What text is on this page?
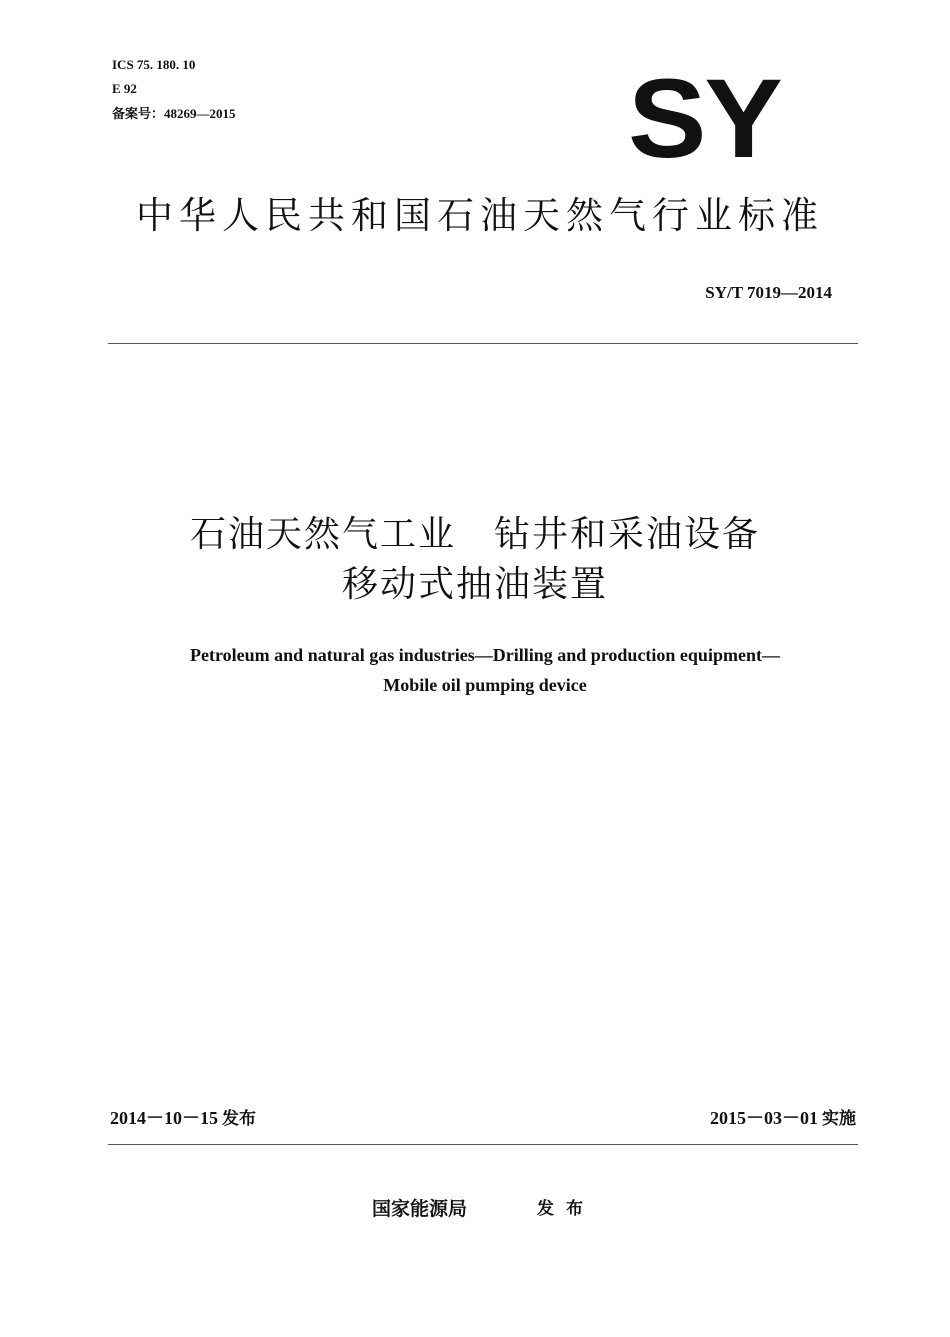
ICS 75. 180. 10
E 92
备案号：48269—2015	SY
中华人民共和国石油天然气行业标准
SY/T 7019—2014
石油天然气工业　钻井和采油设备
移动式抽油装置
Petroleum and natural gas industries—Drilling and production equipment—
Mobile oil pumping device
2014－10－15 发布	2015－03－01 实施
国家能源局	发布
